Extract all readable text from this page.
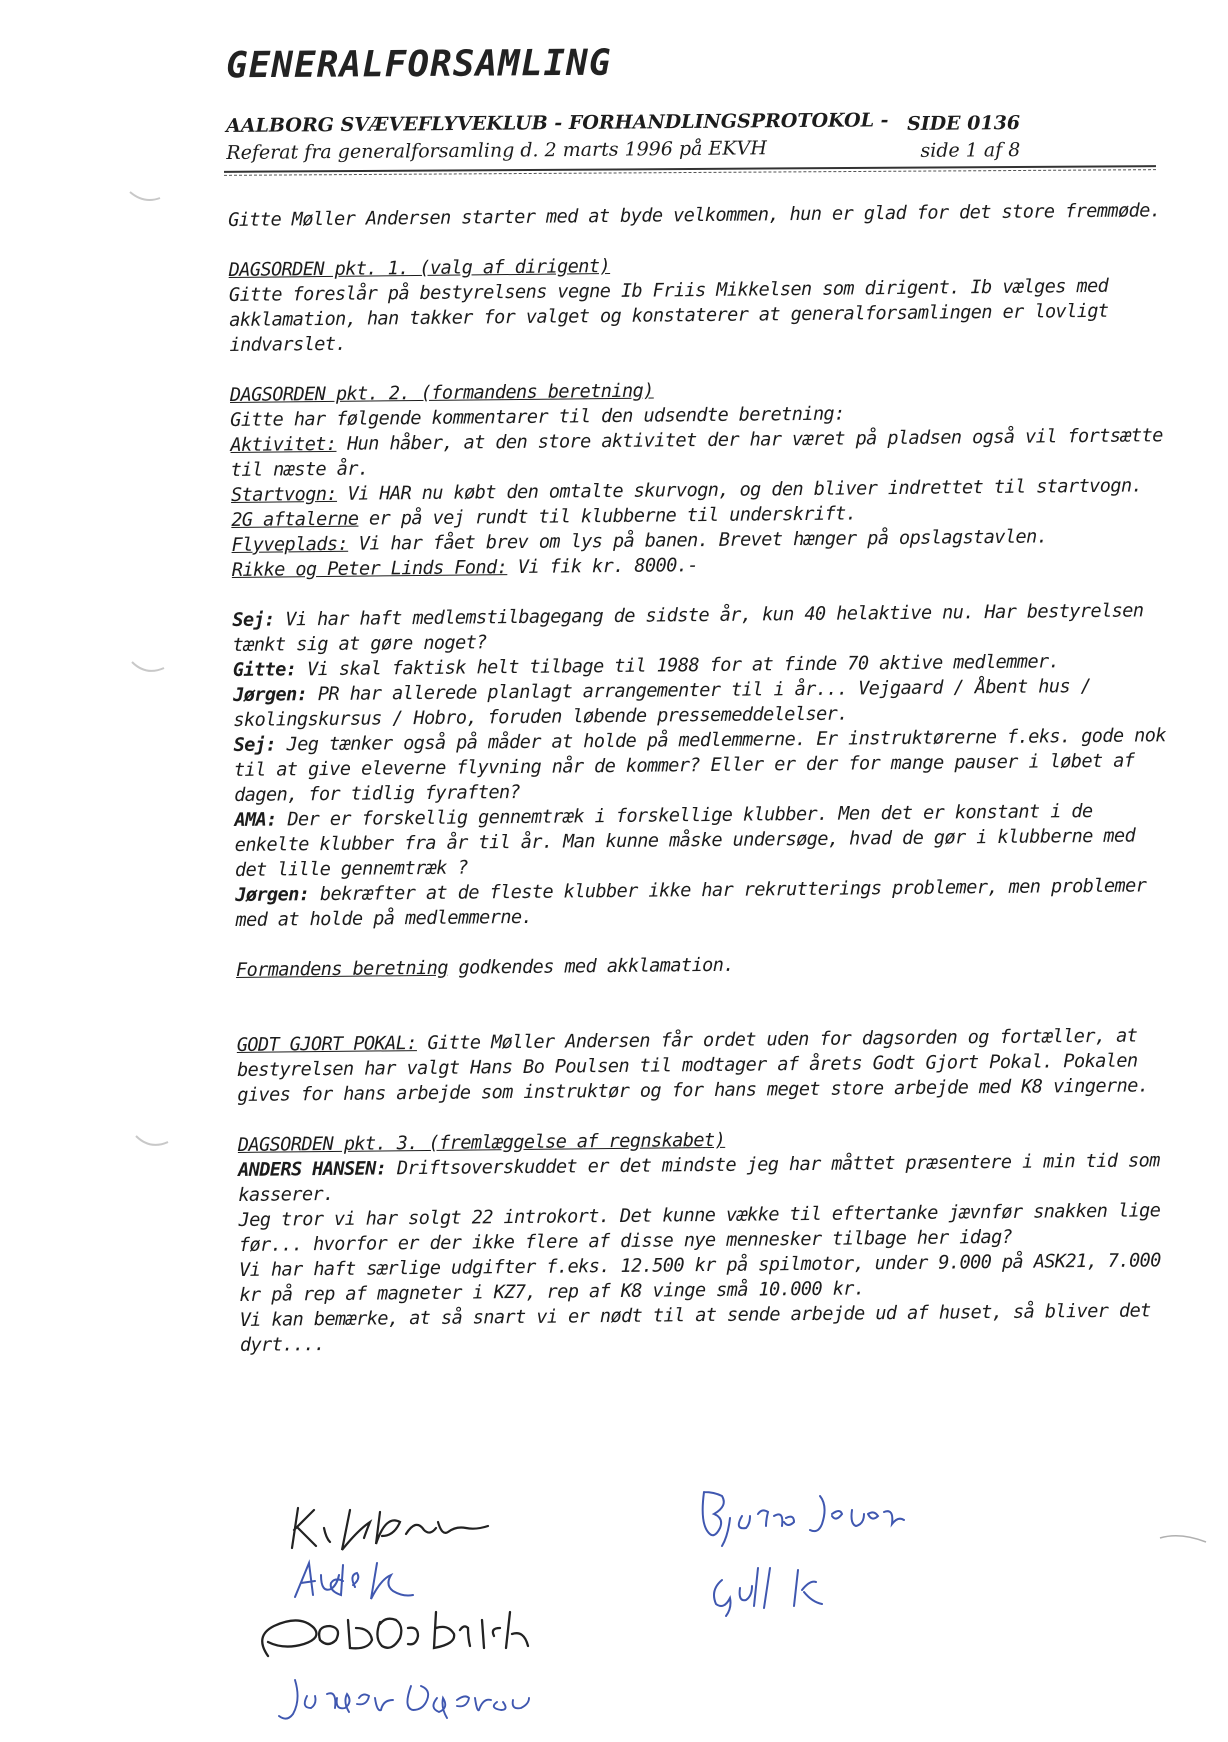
GENERALFORSAMLING
AALBORG SVÆVEFLYVEKLUB - FORHANDLINGSPROTOKOL -
Referat fra generalforsamling d. 2 marts 1996 på EKVH
SIDE 0136
side 1 af 8

Gitte Møller Andersen starter med at byde velkommen, hun er glad for det store fremmøde.

DAGSORDEN pkt. 1. (valg af dirigent)

Gitte foreslår på bestyrelsens vegne Ib Friis Mikkelsen som dirigent. Ib vælges med akklamation, han takker for valget og konstaterer at generalforsamlingen er lovligt indvarslet.

DAGSORDEN pkt. 2. (formandens beretning)

Gitte har følgende kommentarer til den udsendte beretning:

Aktivitet: Hun håber, at den store aktivitet der har været på pladsen også vil fortsætte til næste år.

Startvogn: Vi HAR nu købt den omtalte skurvogn, og den bliver indrettet til startvogn.

2G aftalerne er på vej rundt til klubberne til underskrift.

Flyveplads: Vi har fået brev om lys på banen. Brevet hænger på opslagstavlen.

Rikke og Peter Linds Fond: Vi fik kr. 8000.-

Sej: Vi har haft medlemstilbagegang de sidste år, kun 40 helaktive nu. Har bestyrelsen tænkt sig at gøre noget?

Gitte: Vi skal faktisk helt tilbage til 1988 for at finde 70 aktive medlemmer.

Jørgen: PR har allerede planlagt arrangementer til i år... Vejgaard / Åbent hus / skolingskursus / Hobro, foruden løbende pressemeddelelser.

Sej: Jeg tænker også på måder at holde på medlemmerne. Er instruktørerne f.eks. gode nok til at give eleverne flyvning når de kommer? Eller er der for mange pauser i løbet af dagen, for tidlig fyraften?

AMA: Der er forskellig gennemtræk i forskellige klubber. Men det er konstant i de enkelte klubber fra år til år. Man kunne måske undersøge, hvad de gør i klubberne med det lille gennemtræk ?

Jørgen: bekræfter at de fleste klubber ikke har rekrutterings problemer, men problemer med at holde på medlemmerne.

Formandens beretning godkendes med akklamation.

GODT GJORT POKAL: Gitte Møller Andersen får ordet uden for dagsorden og fortæller, at bestyrelsen har valgt Hans Bo Poulsen til modtager af årets Godt Gjort Pokal. Pokalen gives for hans arbejde som instruktør og for hans meget store arbejde med K8 vingerne.

DAGSORDEN pkt. 3. (fremlæggelse af regnskabet)

ANDERS HANSEN: Driftsoverskuddet er det mindste jeg har måttet præsentere i min tid som kasserer.

Jeg tror vi har solgt 22 introkort. Det kunne vække til eftertanke jævnfør snakken lige før... hvorfor er der ikke flere af disse nye mennesker tilbage her idag?

Vi har haft særlige udgifter f.eks. 12.500 kr på spilmotor, under 9.000 på ASK21, 7.000 kr på rep af magneter i KZ7, rep af K8 vinge små 10.000 kr.

Vi kan bemærke, at så snart vi er nødt til at sende arbejde ud af huset, så bliver det dyrt....
